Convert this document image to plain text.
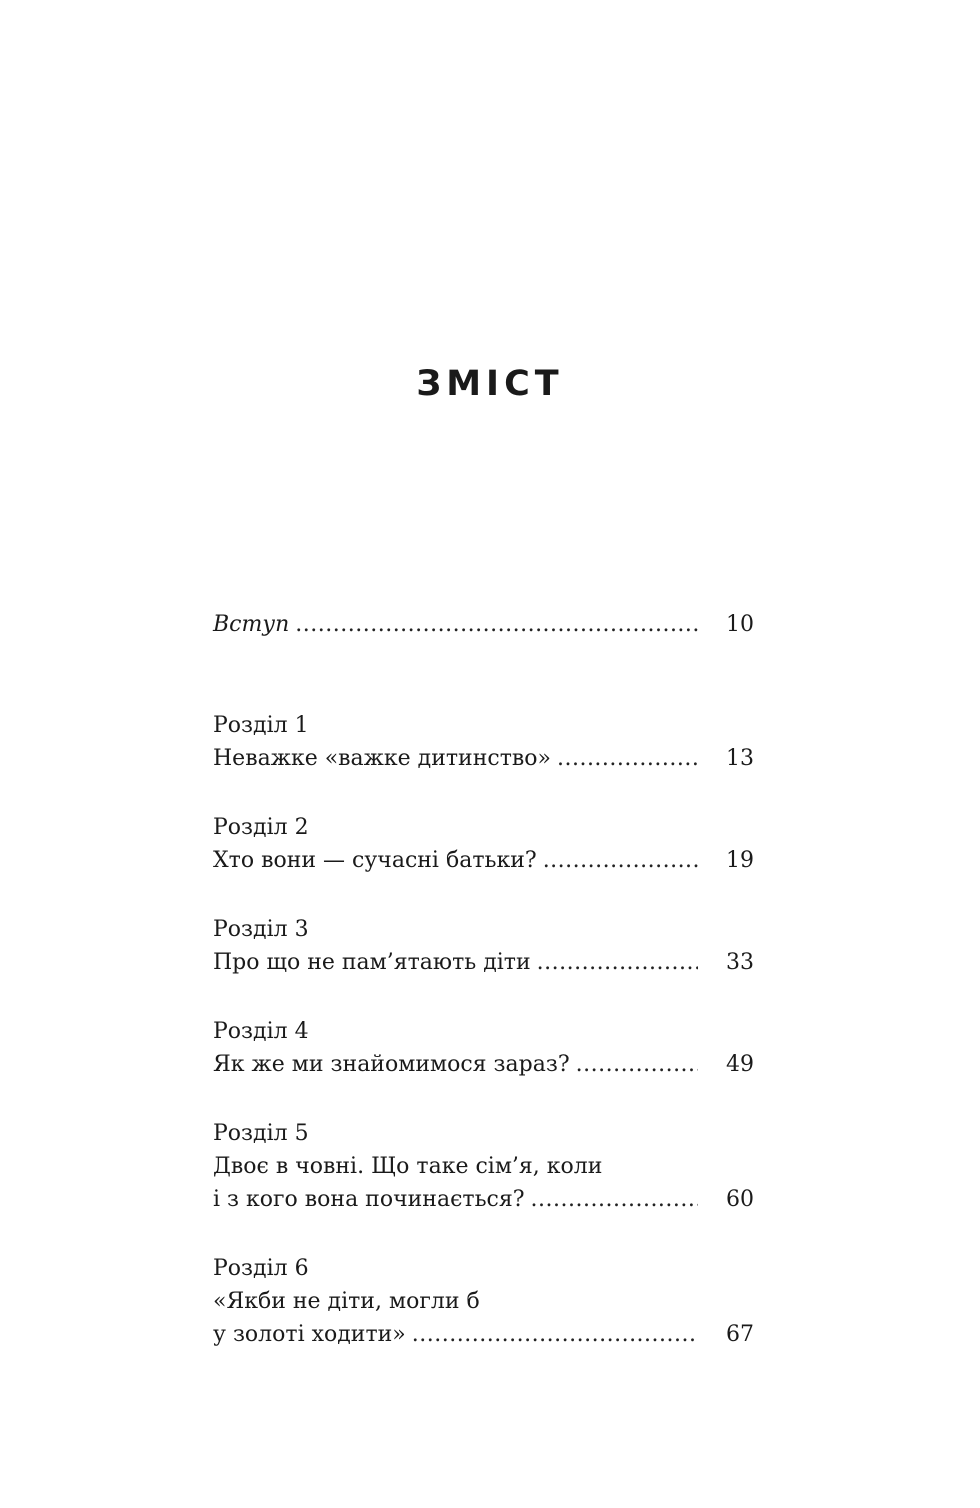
ЗМІСТ
Вступ .....	10
Розділ 1
Неважке «важке дитинство» .....	13
Розділ 2
Хто вони — сучасні батьки? .....	19
Розділ 3
Про що не пам’ятають діти .....	33
Розділ 4
Як же ми знайомимося зараз? .....	49
Розділ 5
Двоє в човні. Що таке сім’я, коли
і з кого вона починається? .....	60
Розділ 6
«Якби не діти, могли б
у золоті ходити» .....	67
